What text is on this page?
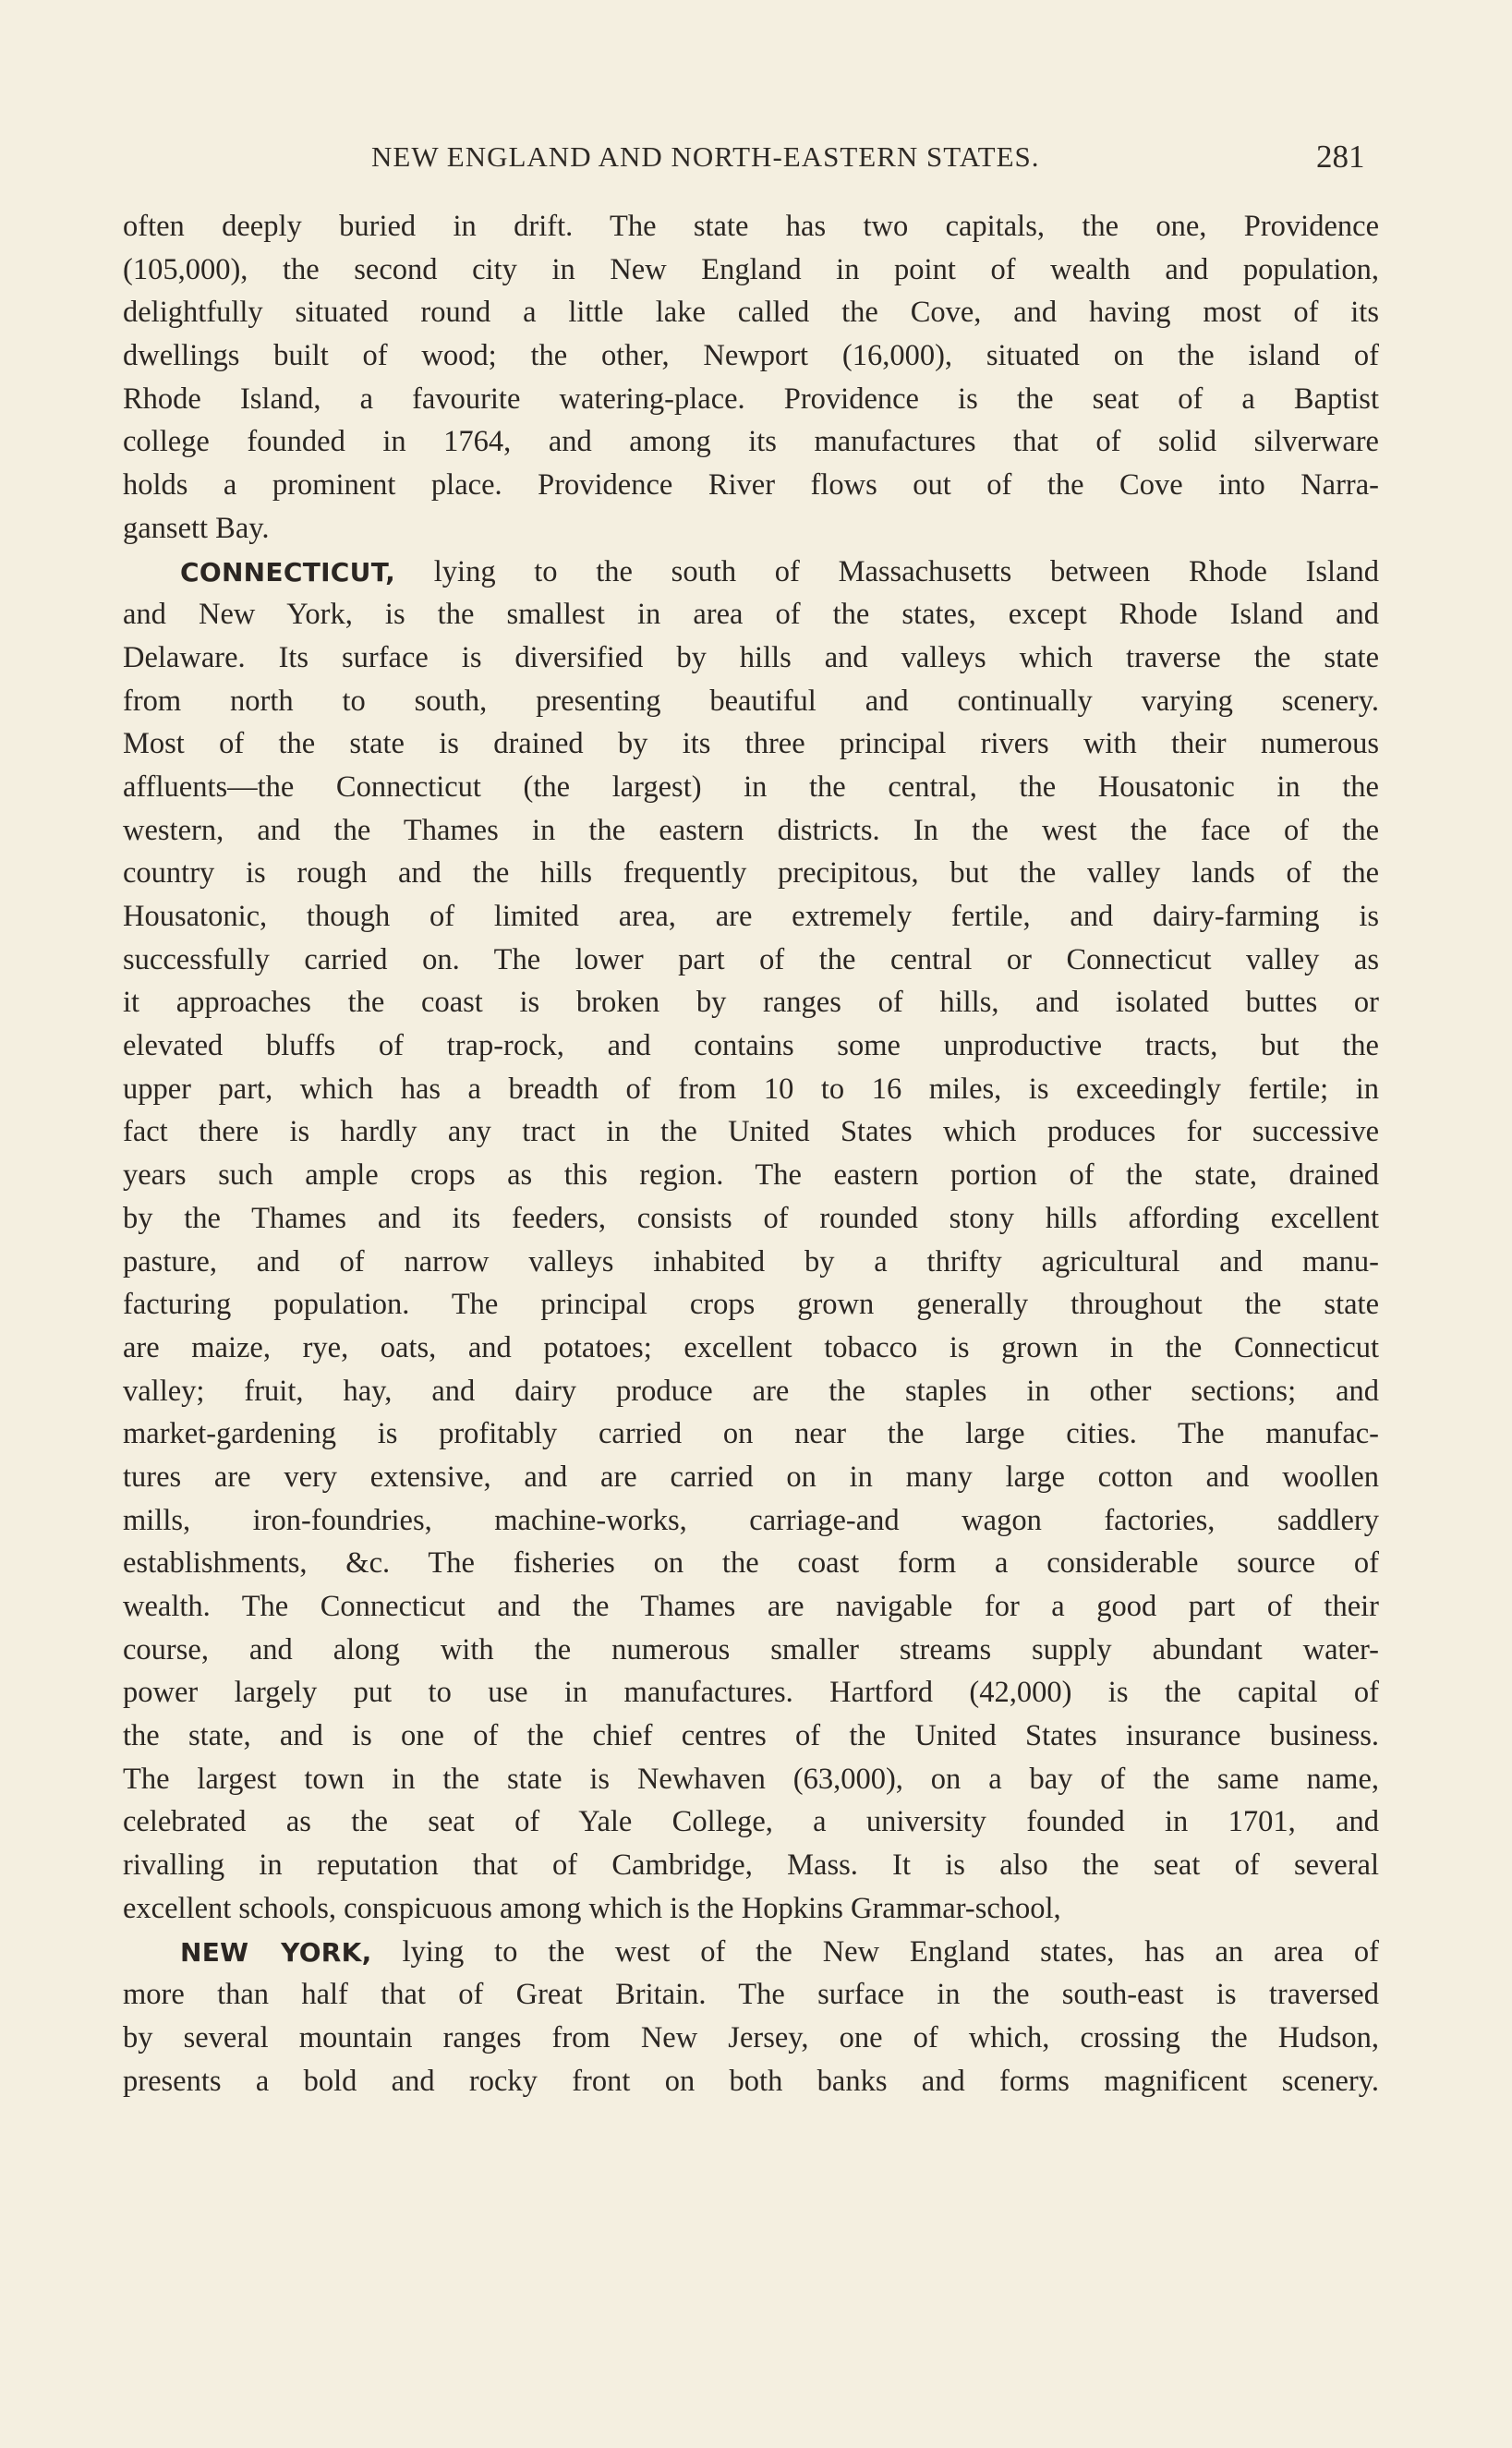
NEW ENGLAND AND NORTH-EASTERN STATES.	281
often deeply buried in drift. The state has two capitals, the one, Providence
(105,000), the second city in New England in point of wealth and population,
delightfully situated round a little lake called the Cove, and having most of its
dwellings built of wood; the other, Newport (16,000), situated on the island of
Rhode Island, a favourite watering-place. Providence is the seat of a Baptist
college founded in 1764, and among its manufactures that of solid silverware
holds a prominent place. Providence River flows out of the Cove into Narra-
gansett Bay.
CONNECTICUT, lying to the south of Massachusetts between Rhode Island
and New York, is the smallest in area of the states, except Rhode Island and
Delaware. Its surface is diversified by hills and valleys which traverse the state
from north to south, presenting beautiful and continually varying scenery.
Most of the state is drained by its three principal rivers with their numerous
affluents—the Connecticut (the largest) in the central, the Housatonic in the
western, and the Thames in the eastern districts. In the west the face of the
country is rough and the hills frequently precipitous, but the valley lands of the
Housatonic, though of limited area, are extremely fertile, and dairy-farming is
successfully carried on. The lower part of the central or Connecticut valley as
it approaches the coast is broken by ranges of hills, and isolated buttes or
elevated bluffs of trap-rock, and contains some unproductive tracts, but the
upper part, which has a breadth of from 10 to 16 miles, is exceedingly fertile; in
fact there is hardly any tract in the United States which produces for successive
years such ample crops as this region. The eastern portion of the state, drained
by the Thames and its feeders, consists of rounded stony hills affording excellent
pasture, and of narrow valleys inhabited by a thrifty agricultural and manu-
facturing population. The principal crops grown generally throughout the state
are maize, rye, oats, and potatoes; excellent tobacco is grown in the Connecticut
valley; fruit, hay, and dairy produce are the staples in other sections; and
market-gardening is profitably carried on near the large cities. The manufac-
tures are very extensive, and are carried on in many large cotton and woollen
mills, iron-foundries, machine-works, carriage-and wagon factories, saddlery
establishments, &c. The fisheries on the coast form a considerable source of
wealth. The Connecticut and the Thames are navigable for a good part of their
course, and along with the numerous smaller streams supply abundant water-
power largely put to use in manufactures. Hartford (42,000) is the capital of
the state, and is one of the chief centres of the United States insurance business.
The largest town in the state is Newhaven (63,000), on a bay of the same name,
celebrated as the seat of Yale College, a university founded in 1701, and
rivalling in reputation that of Cambridge, Mass. It is also the seat of several
excellent schools, conspicuous among which is the Hopkins Grammar-school,
NEW YORK, lying to the west of the New England states, has an area of
more than half that of Great Britain. The surface in the south-east is traversed
by several mountain ranges from New Jersey, one of which, crossing the Hudson,
presents a bold and rocky front on both banks and forms magnificent scenery.
